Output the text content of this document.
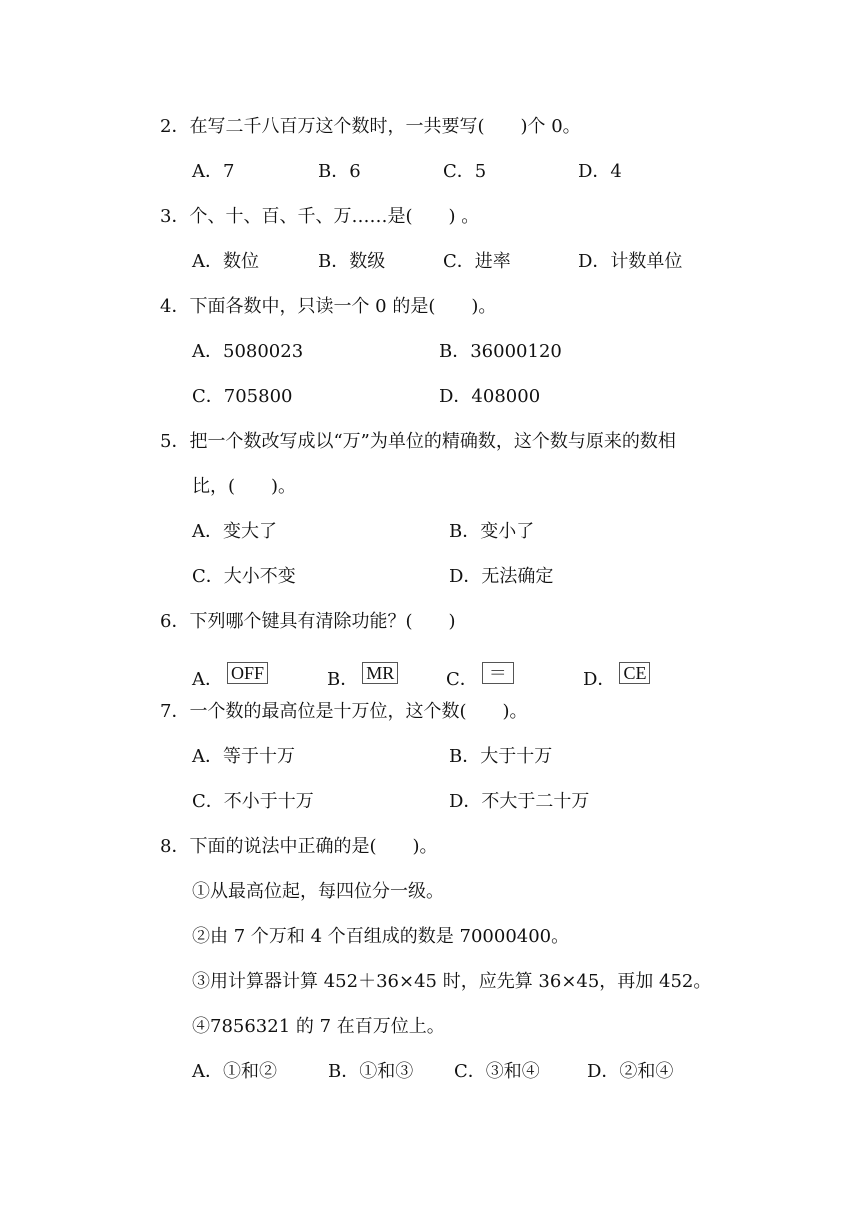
2．在写二千八百万这个数时，一共要写(　　)个 0。
A．7	B．6	C．5	D．4
3．个、十、百、千、万……是(　　) 。
A．数位	B．数级	C．进率	D．计数单位
4．下面各数中，只读一个 0 的是(　　)。
A．5080023	B．36000120
C．705800	D．408000
5．把一个数改写成以“万”为单位的精确数，这个数与原来的数相
比，(　　)。
A．变大了	B．变小了
C．大小不变	D．无法确定
6．下列哪个键具有清除功能？(　　)
A． OFF	B． MR	C． ＝	D． CE
7．一个数的最高位是十万位，这个数(　　)。
A．等于十万	B．大于十万
C．不小于十万	D．不大于二十万
8．下面的说法中正确的是(　　)。
①从最高位起，每四位分一级。
②由 7 个万和 4 个百组成的数是 70000400。
③用计算器计算 452＋36×45 时，应先算 36×45，再加 452。
④7856321 的 7 在百万位上。
A．①和②	B．①和③ C．③和④	D．②和④
